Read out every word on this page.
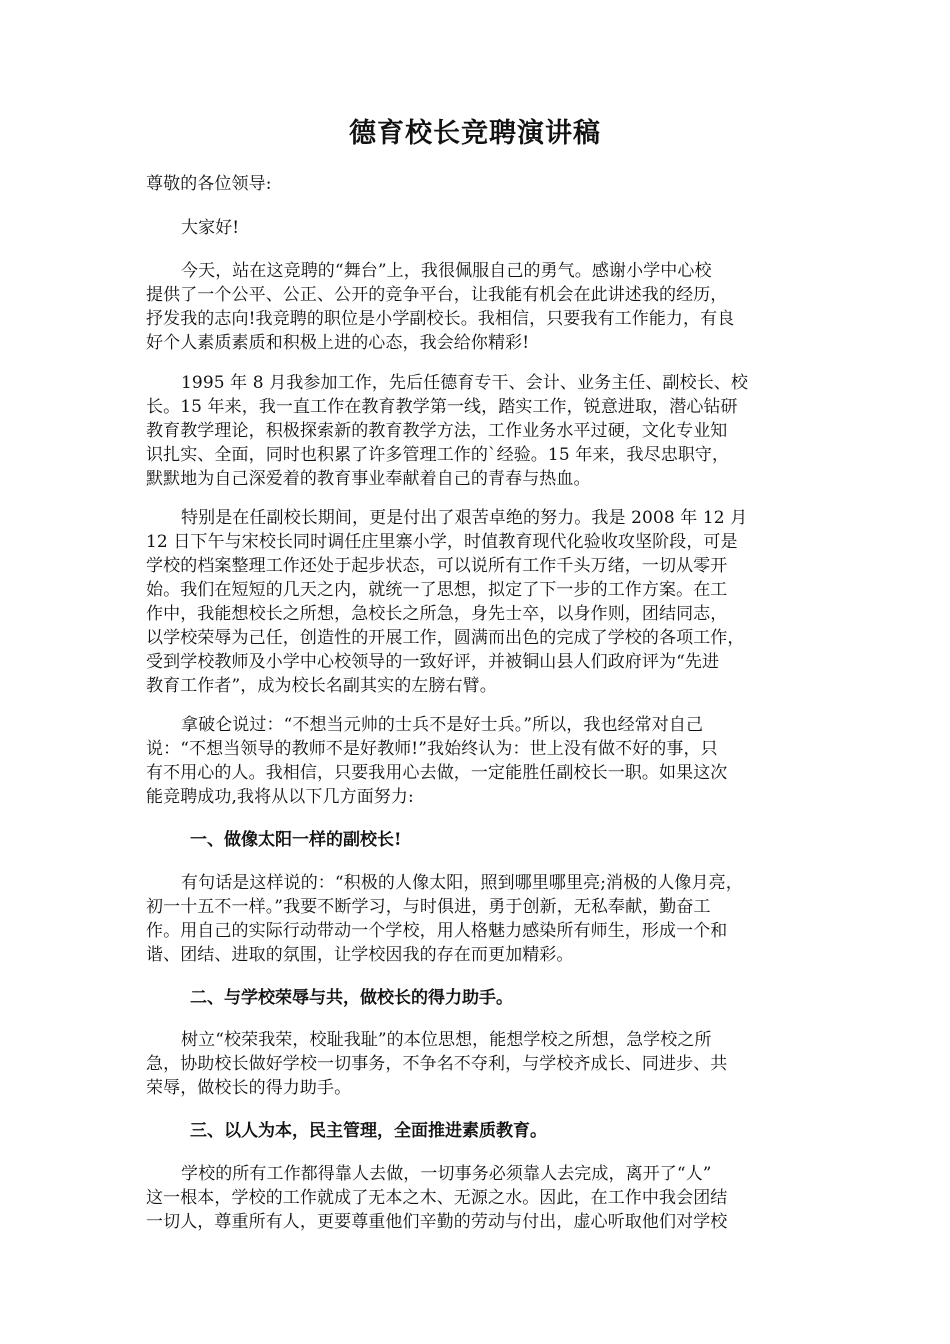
德育校长竞聘演讲稿
尊敬的各位领导:
大家好!
今天，站在这竞聘的“舞台”上，我很佩服自己的勇气。感谢小学中心校
提供了一个公平、公正、公开的竞争平台，让我能有机会在此讲述我的经历，
抒发我的志向!我竞聘的职位是小学副校长。我相信，只要我有工作能力，有良
好个人素质素质和积极上进的心态，我会给你精彩!
1995 年 8 月我参加工作，先后任德育专干、会计、业务主任、副校长、校
长。15 年来，我一直工作在教育教学第一线，踏实工作，锐意进取，潜心钻研
教育教学理论，积极探索新的教育教学方法，工作业务水平过硬，文化专业知
识扎实、全面，同时也积累了许多管理工作的`经验。15 年来，我尽忠职守，
默默地为自己深爱着的教育事业奉献着自己的青春与热血。
特别是在任副校长期间，更是付出了艰苦卓绝的努力。我是 2008 年 12 月
12 日下午与宋校长同时调任庄里寨小学，时值教育现代化验收攻坚阶段，可是
学校的档案整理工作还处于起步状态，可以说所有工作千头万绪，一切从零开
始。我们在短短的几天之内，就统一了思想，拟定了下一步的工作方案。在工
作中，我能想校长之所想，急校长之所急，身先士卒，以身作则，团结同志，
以学校荣辱为己任，创造性的开展工作，圆满而出色的完成了学校的各项工作，
受到学校教师及小学中心校领导的一致好评，并被铜山县人们政府评为“先进
教育工作者”，成为校长名副其实的左膀右臂。
拿破仑说过：“不想当元帅的士兵不是好士兵。”所以，我也经常对自己
说：“不想当领导的教师不是好教师!”我始终认为：世上没有做不好的事，只
有不用心的人。我相信，只要我用心去做，一定能胜任副校长一职。如果这次
能竞聘成功,我将从以下几方面努力:
一、做像太阳一样的副校长!
有句话是这样说的：“积极的人像太阳，照到哪里哪里亮;消极的人像月亮，
初一十五不一样。”我要不断学习，与时俱进，勇于创新，无私奉献，勤奋工
作。用自己的实际行动带动一个学校，用人格魅力感染所有师生，形成一个和
谐、团结、进取的氛围，让学校因我的存在而更加精彩。
二、与学校荣辱与共，做校长的得力助手。
树立“校荣我荣，校耻我耻”的本位思想，能想学校之所想，急学校之所
急，协助校长做好学校一切事务，不争名不夺利，与学校齐成长、同进步、共
荣辱，做校长的得力助手。
三、以人为本，民主管理，全面推进素质教育。
学校的所有工作都得靠人去做，一切事务必须靠人去完成，离开了“人”
这一根本，学校的工作就成了无本之木、无源之水。因此，在工作中我会团结
一切人，尊重所有人，更要尊重他们辛勤的劳动与付出，虚心听取他们对学校
